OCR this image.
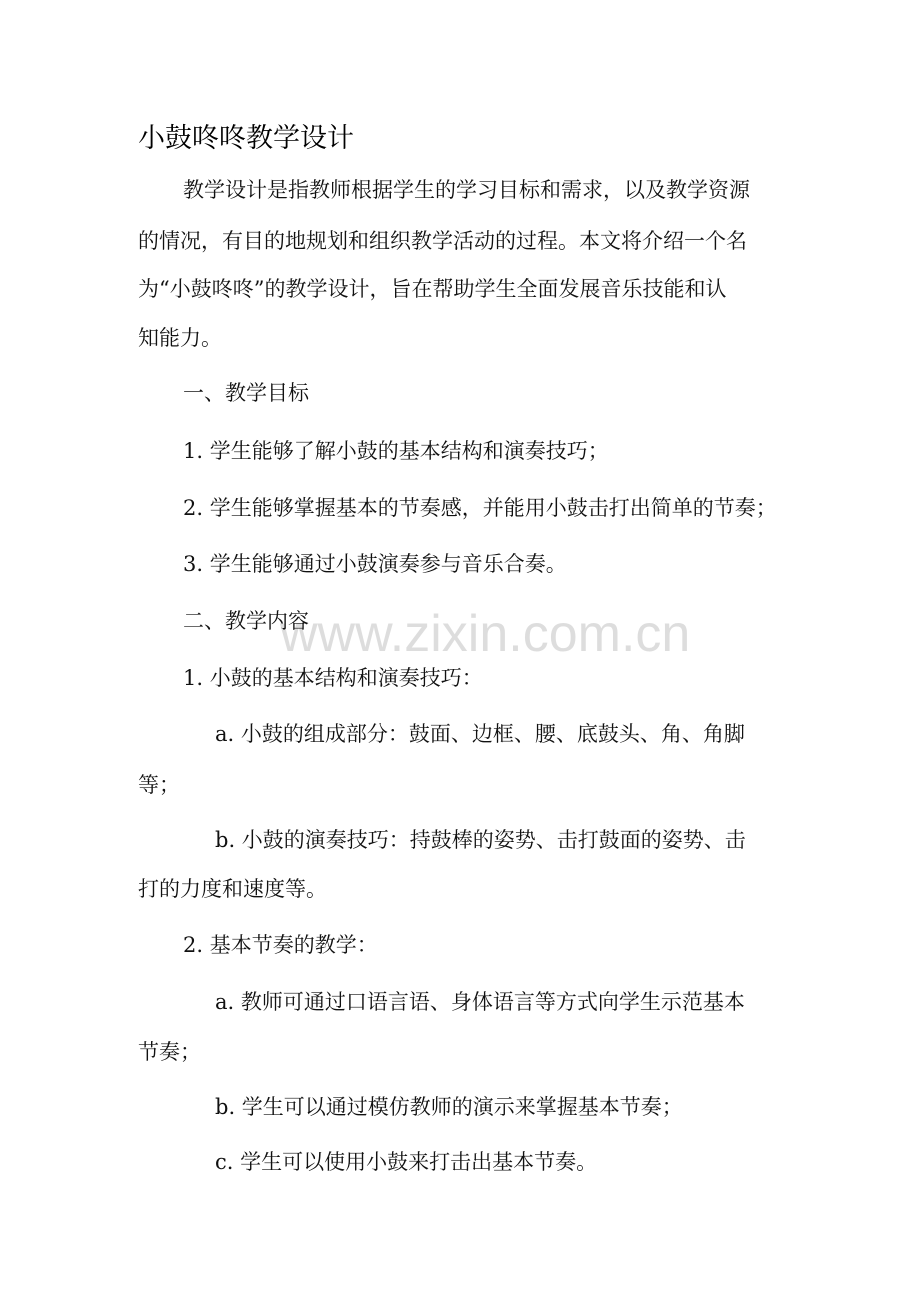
小鼓咚咚教学设计
教学设计是指教师根据学生的学习目标和需求，以及教学资源
的情况，有目的地规划和组织教学活动的过程。本文将介绍一个名
为“小鼓咚咚”的教学设计，旨在帮助学生全面发展音乐技能和认
知能力。
一、教学目标
1. 学生能够了解小鼓的基本结构和演奏技巧；
2. 学生能够掌握基本的节奏感，并能用小鼓击打出简单的节奏；
3. 学生能够通过小鼓演奏参与音乐合奏。
二、教学内容
1. 小鼓的基本结构和演奏技巧：
a. 小鼓的组成部分：鼓面、边框、腰、底鼓头、角、角脚
等；
b. 小鼓的演奏技巧：持鼓棒的姿势、击打鼓面的姿势、击
打的力度和速度等。
2. 基本节奏的教学：
a. 教师可通过口语言语、身体语言等方式向学生示范基本
节奏；
b. 学生可以通过模仿教师的演示来掌握基本节奏；
c. 学生可以使用小鼓来打击出基本节奏。
www.zixin.com.cn
